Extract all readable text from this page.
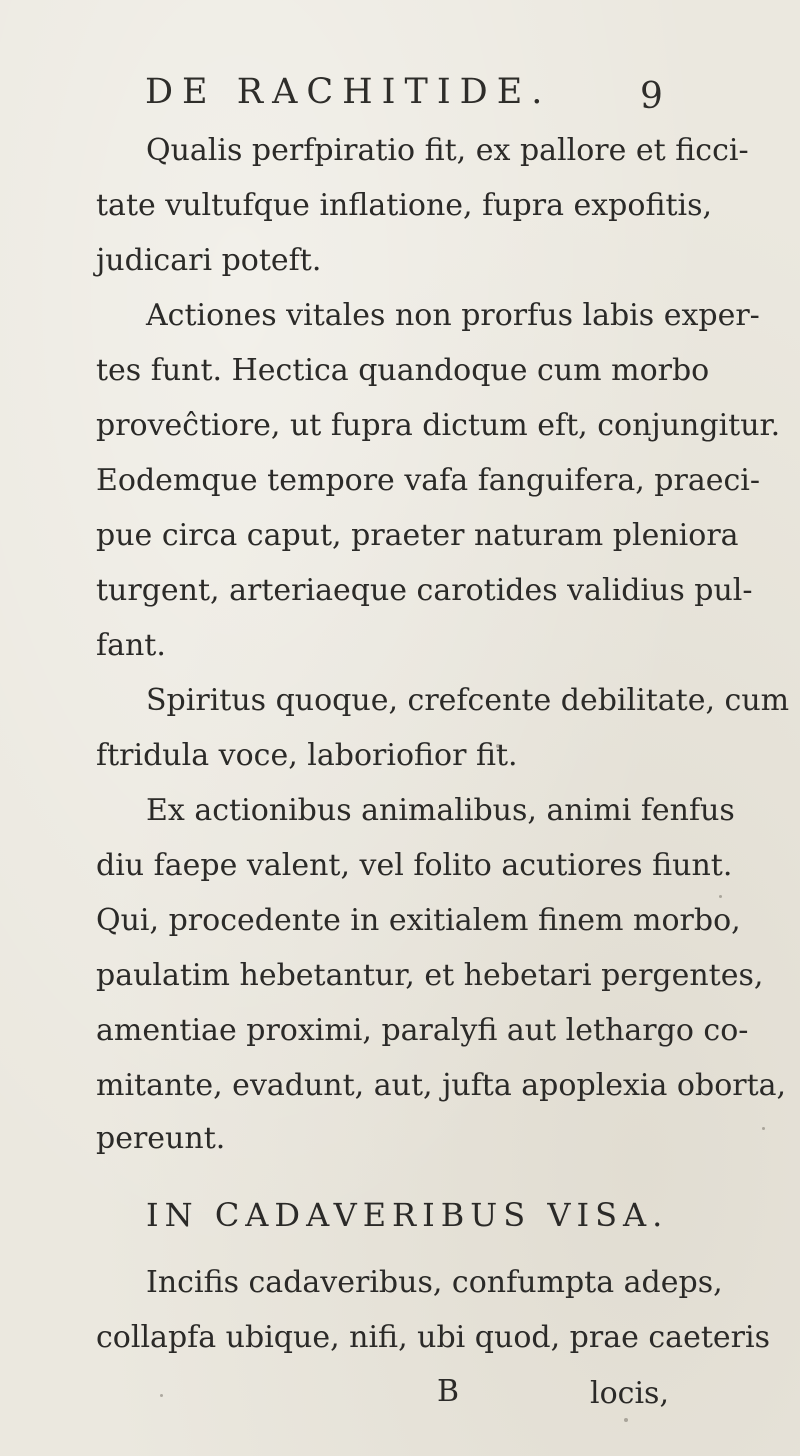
DE RACHITIDE. 9
Qualis perfpiratio fit, ex pallore et ficci-
tate vultufque inflatione, fupra expofitis,
judicari poteft.
Actiones vitales non prorfus labis exper-
tes funt. Hectica quandoque cum morbo
proveĉtiore, ut fupra dictum eft, conjungitur.
Eodemque tempore vafa fanguifera, praeci-
pue circa caput, praeter naturam pleniora
turgent, arteriaeque carotides validius pul-
fant.
Spiritus quoque, crefcente debilitate, cum
ftridula voce, laboriofior fit.
Ex actionibus animalibus, animi fenfus
diu faepe valent, vel folito acutiores fiunt.
Qui, procedente in exitialem finem morbo,
paulatim hebetantur, et hebetari pergentes,
amentiae proximi, paralyfi aut lethargo co-
mitante, evadunt, aut, jufta apoplexia oborta,
pereunt.
IN CADAVERIBUS VISA.
Incifis cadaveribus, confumpta adeps,
collapfa ubique, nifi, ubi quod, prae caeteris
B	locis,
